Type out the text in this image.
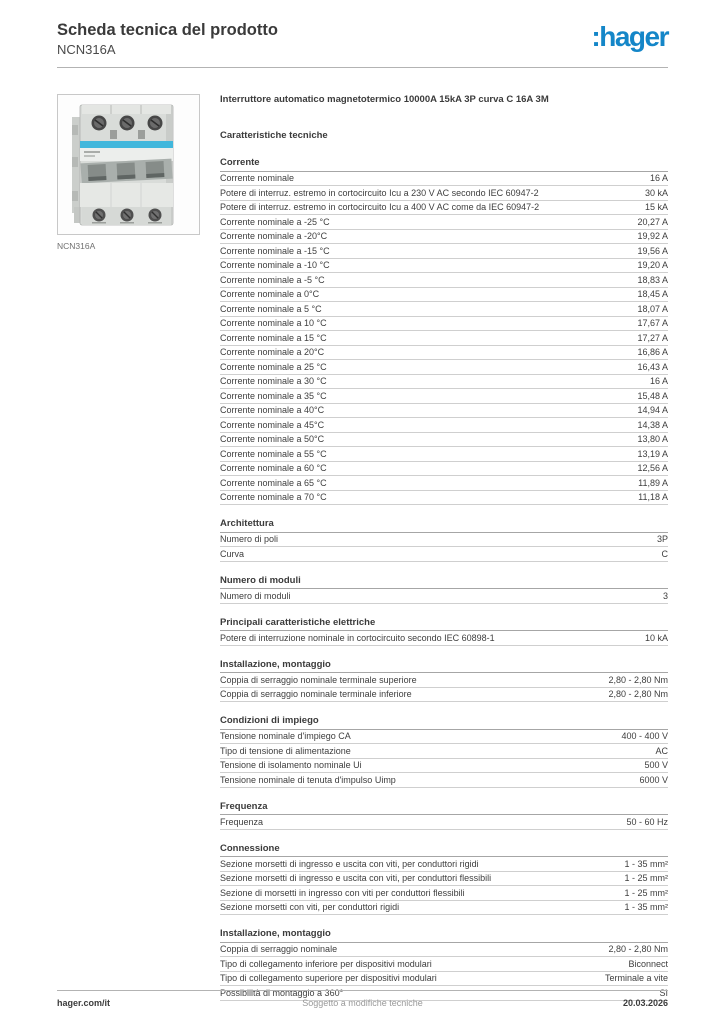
Scheda tecnica del prodotto
NCN316A	:hager
NCN316A
Interruttore automatico magnetotermico 10000A 15kA 3P curva C 16A 3M
Caratteristiche tecniche
Corrente
Corrente nominale	16 A
Potere di interruz. estremo in cortocircuito Icu a 230 V AC secondo IEC 60947-2	30 kA
Potere di interruz. estremo in cortocircuito Icu a 400 V AC come da IEC 60947-2	15 kA
Corrente nominale a -25 °C	20,27 A
Corrente nominale a -20°C	19,92 A
Corrente nominale a -15 °C	19,56 A
Corrente nominale a -10 °C	19,20 A
Corrente nominale a -5 °C	18,83 A
Corrente nominale a 0°C	18,45 A
Corrente nominale a 5 °C	18,07 A
Corrente nominale a 10 °C	17,67 A
Corrente nominale a 15 °C	17,27 A
Corrente nominale a 20°C	16,86 A
Corrente nominale a 25 °C	16,43 A
Corrente nominale a 30 °C	16 A
Corrente nominale a 35 °C	15,48 A
Corrente nominale a 40°C	14,94 A
Corrente nominale a 45°C	14,38 A
Corrente nominale a 50°C	13,80 A
Corrente nominale a 55 °C	13,19 A
Corrente nominale a 60 °C	12,56 A
Corrente nominale a 65 °C	11,89 A
Corrente nominale a 70 °C	11,18 A
Architettura
Numero di poli	3P
Curva	C
Numero di moduli
Numero di moduli	3
Principali caratteristiche elettriche
Potere di interruzione nominale in cortocircuito secondo IEC 60898-1	10 kA
Installazione, montaggio
Coppia di serraggio nominale terminale superiore	2,80 - 2,80 Nm
Coppia di serraggio nominale terminale inferiore	2,80 - 2,80 Nm
Condizioni di impiego
Tensione nominale d'impiego CA	400 - 400 V
Tipo di tensione di alimentazione	AC
Tensione di isolamento nominale Ui	500 V
Tensione nominale di tenuta d'impulso Uimp	6000 V
Frequenza
Frequenza	50 - 60 Hz
Connessione
Sezione morsetti di ingresso e uscita con viti, per conduttori rigidi	1 - 35 mm²
Sezione morsetti di ingresso e uscita con viti, per conduttori flessibili	1 - 25 mm²
Sezione di morsetti in ingresso con viti per conduttori flessibili	1 - 25 mm²
Sezione morsetti con viti, per conduttori rigidi	1 - 35 mm²
Installazione, montaggio
Coppia di serraggio nominale	2,80 - 2,80 Nm
Tipo di collegamento inferiore per dispositivi modulari	Biconnect
Tipo di collegamento superiore per dispositivi modulari	Terminale a vite
Possibilità di montaggio a 360°	Sì
Soggetto a modifiche tecniche
hager.com/it	20.03.2026
